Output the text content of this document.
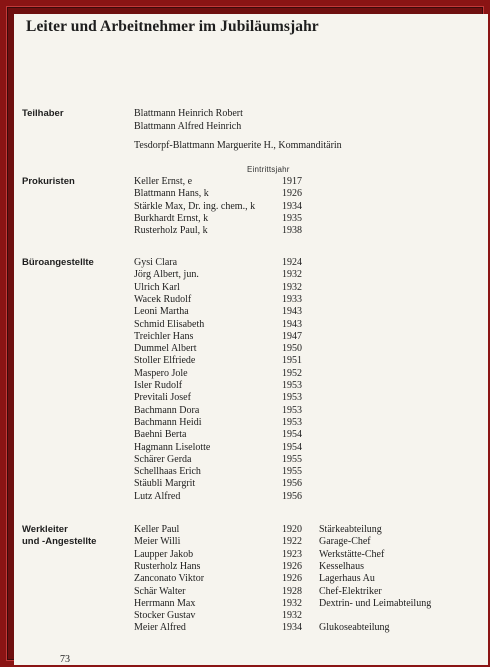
Leiter und Arbeitnehmer im Jubiläumsjahr
Teilhaber	Blattmann Heinrich Robert
Blattmann Alfred Heinrich
Tesdorpf-Blattmann Marguerite H., Kommanditärin
Eintrittsjahr
Prokuristen	Keller Ernst, e	1917
Blattmann Hans, k	1926
Stärkle Max, Dr. ing. chem., k	1934
Burkhardt Ernst, k	1935
Rusterholz Paul, k	1938
Büroangestellte	Gysi Clara	1924
Jörg Albert, jun.	1932
Ulrich Karl	1932
Wacek Rudolf	1933
Leoni Martha	1943
Schmid Elisabeth	1943
Treichler Hans	1947
Dummel Albert	1950
Stoller Elfriede	1951
Maspero Jole	1952
Isler Rudolf	1953
Previtali Josef	1953
Bachmann Dora	1953
Bachmann Heidi	1953
Baehni Berta	1954
Hagmann Liselotte	1954
Schärer Gerda	1955
Schellhaas Erich	1955
Stäubli Margrit	1956
Lutz Alfred	1956
Werkleiter
und -Angestellte
Keller Paul	1920 Stärkeabteilung
Meier Willi	1922 Garage-Chef
Laupper Jakob	1923 Werkstätte-Chef
Rusterholz Hans	1926 Kesselhaus
Zanconato Viktor	1926 Lagerhaus Au
Schär Walter	1928 Chef-Elektriker
Herrmann Max	1932 Dextrin- und Leimabteilung
Stocker Gustav	1932
Meier Alfred	1934 Glukoseabteilung
73
